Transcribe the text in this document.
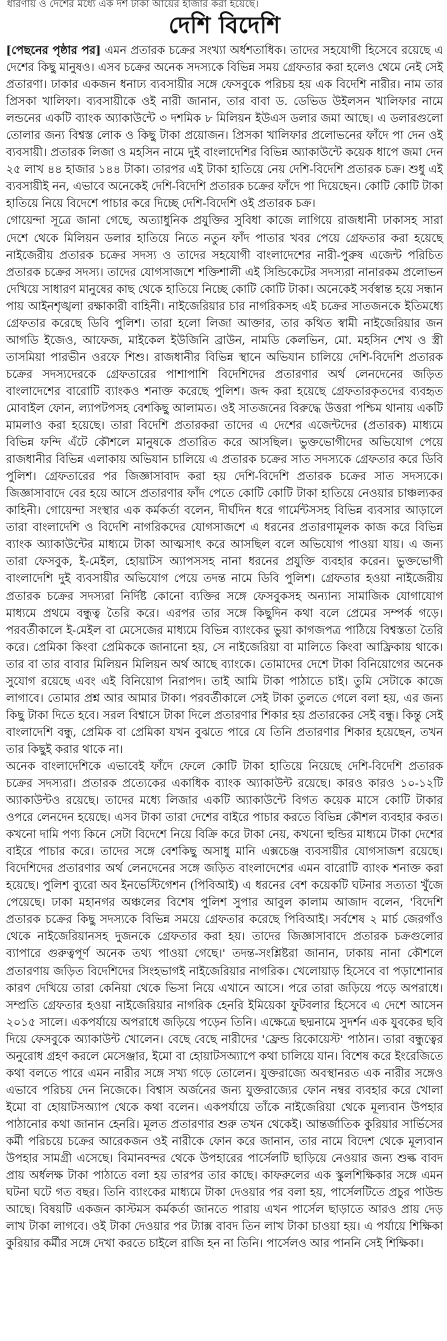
ধারণায় ও দেশের মধ্যে এক দর্শ টাকা আয়ের হাজার করা হয়েছে।
দেশি বিদেশি

[পেছনের পৃষ্ঠার পর] এমন প্রতারক চক্রের সংখ্যা অর্ধশতাধিক। তাদের সহযোগী হিসেবে রয়েছে এ দেশের কিছু মানুষও। এসব চক্রের অনেক সদস্যকে বিভিন্ন সময় গ্রেফতার করা হলেও থেমে নেই সেই প্রতারণা। ঢাকার একজন ধনাঢ্য ব্যবসায়ীর সঙ্গে ফেসবুকে পরিচয় হয় এক বিদেশি নারীর। নাম তার প্রিসকা খালিফা। ব্যবসায়ীকে ওই নারী জানান, তার বাবা ড. ডেভিড উইলসন খালিফার নামে লন্ডনের একটি ব্যাংক অ্যাকাউন্টে ৩ দশমিক ৮ মিলিয়ন ইউএস ডলার জমা আছে। এ ডলারগুলো তোলার জন্য বিশ্বস্ত লোক ও কিছু টাকা প্রয়োজন। প্রিসকা খালিফার প্রলোভনের ফাঁদে পা দেন ওই ব্যবসায়ী। প্রতারক লিজা ও মহসিন নামে দুই বাংলাদেশির বিভিন্ন অ্যাকাউন্টে কয়েক ধাপে জমা দেন ২৫ লাখ ৪৪ হাজার ১৪৪ টাকা। তারপর এই টাকা হাতিয়ে নেয় দেশি-বিদেশি প্রতারক চক্র। শুধু এই ব্যবসায়ীই নন, এভাবে অনেকেই দেশি-বিদেশি প্রতারক চক্রের ফাঁদে পা দিয়েছেন। কোটি কোটি টাকা হাতিয়ে নিয়ে বিদেশে পাচার করে দিচ্ছে দেশি-বিদেশি ওই প্রতারক চক্র।

গোয়েন্দা সূত্রে জানা গেছে, অত্যাধুনিক প্রযুক্তির সুবিধা কাজে লাগিয়ে রাজধানী ঢাকাসহ সারা দেশে থেকে মিলিয়ন ডলার হাতিয়ে নিতে নতুন ফাঁদ পাতার খবর পেয়ে গ্রেফতার করা হয়েছে নাইজেরীয় প্রতারক চক্রের সদস্য ও তাদের সহযোগী বাংলাদেশের নারী-পুরুষ এজেন্ট পরিচিত প্রতারক চক্রের সদস্য। তাদের যোগসাজশে শক্তিশালী এই সিন্ডিকেটের সদস্যরা নানারকম প্রলোভন দেখিয়ে সাধারণ মানুষের কাছ থেকে হাতিয়ে নিচ্ছে কোটি কোটি টাকা। অনেকেই সর্বস্বান্ত হয়ে সন্ধান পায় আইনশৃঙ্খলা রক্ষাকারী বাহিনী। নাইজেরিয়ার চার নাগরিকসহ এই চক্রের সাতজনকে ইতিমধ্যে গ্রেফতার করেছে ডিবি পুলিশ। তারা হলো লিজা আক্তার, তার কথিত স্বামী নাইজেরিয়ার জন আগডি ইজেও, আফেজ, মাইকেল ইউজিনি ব্রাউন, নামডি কেলভিন, মো. মহসিন শেখ ও স্ত্রী তাসমিয়া পারভীন ওরফে শিশু। রাজধানীর বিভিন্ন স্থানে অভিযান চালিয়ে দেশি-বিদেশি প্রতারক চক্রের সদস্যদেরকে গ্রেফতারের পাশাপাশি বিদেশিদের প্রতারণার অর্থ লেনদেনের জড়িত বাংলাদেশের বারোটি ব্যাংকও শনাক্ত করেছে পুলিশ। জব্দ করা হয়েছে গ্রেফতারকৃতদের ব্যবহৃত মোবাইল ফোন, ল্যাপটপসহ বেশকিছু আলামত। ওই সাতজনের বিরুদ্ধে উত্তরা পশ্চিম থানায় একটি মামলাও করা হয়েছে। তারা বিদেশি প্রতারকরা তাদের এ দেশের এজেন্টদের (প্রতারক) মাধ্যমে বিভিন্ন ফন্দি এঁটে কৌশলে মানুষকে প্রতারিত করে আসছিল। ভুক্তভোগীদের অভিযোগ পেয়ে রাজধানীর বিভিন্ন এলাকায় অভিযান চালিয়ে এ প্রতারক চক্রের সাত সদস্যকে গ্রেফতার করে ডিবি পুলিশ। গ্রেফতারের পর জিজ্ঞাসাবাদ করা হয় দেশি-বিদেশি প্রতারক চক্রের সাত সদস্যকে। জিজ্ঞাসাবাদে বের হয়ে আসে প্রতারণার ফাঁদ পেতে কোটি কোটি টাকা হাতিয়ে নেওয়ার চাঞ্চল্যকর কাহিনী। গোয়েন্দা সংস্থার এক কর্মকর্তা বলেন, দীর্ঘদিন ধরে গার্মেন্টসসহ বিভিন্ন ব্যবসার আড়ালে তারা বাংলাদেশি ও বিদেশি নাগরিকদের যোগসাজশে এ ধরনের প্রতারণামূলক কাজ করে বিভিন্ন ব্যাংক অ্যাকাউন্টের মাধ্যমে টাকা আত্মসাৎ করে আসছিল বলে অভিযোগ পাওয়া যায়। এ জন্য তারা ফেসবুক, ই-মেইল, হোয়াটস অ্যাপসসহ নানা ধরনের প্রযুক্তি ব্যবহার করেন। ভুক্তভোগী বাংলাদেশি দুই ব্যবসায়ীর অভিযোগ পেয়ে তদন্ত নামে ডিবি পুলিশ। গ্রেফতার হওয়া নাইজেরীয় প্রতারক চক্রের সদস্যরা নির্দিষ্ট কোনো ব্যক্তির সঙ্গে ফেসবুকসহ অন্যান্য সামাজিক যোগাযোগ মাধ্যমে প্রথমে বন্ধুত্ব তৈরি করে। এরপর তার সঙ্গে কিছুদিন কথা বলে প্রেমের সম্পর্ক গড়ে। পরবর্তীকালে ই-মেইল বা মেসেজের মাধ্যমে বিভিন্ন ব্যাংকের ভুয়া কাগজপত্র পাঠিয়ে বিশ্বস্ততা তৈরি করে। প্রেমিকা কিংবা প্রেমিককে জানানো হয়, সে নাইজেরিয়া বা মালিতে কিংবা আফ্রিকায় থাকে। তার বা তার বাবার মিলিয়ন মিলিয়ন অর্থ আছে ব্যাংকে। তোমাদের দেশে টাকা বিনিয়োগের অনেক সুযোগ রয়েছে এবং এই বিনিয়োগ নিরাপদ। তাই আমি টাকা পাঠাতে চাই। তুমি সেটাকে কাজে লাগাবে। তোমার প্রশ্ন আর আমার টাকা। পরবর্তীকালে সেই টাকা তুলতে গেলে বলা হয়, এর জন্য কিছু টাকা দিতে হবে। সরল বিশ্বাসে টাকা দিলে প্রতারণার শিকার হয় প্রতারকের সেই বন্ধু। কিন্তু সেই বাংলাদেশি বন্ধু, প্রেমিক বা প্রেমিকা যখন বুঝতে পারে যে তিনি প্রতারণার শিকার হয়েছেন, তখন তার কিছুই করার থাকে না।

অনেক বাংলাদেশিকে এভাবেই ফাঁদে ফেলে কোটি টাকা হাতিয়ে নিয়েছে দেশি-বিদেশি প্রতারক চক্রের সদস্যরা। প্রতারক প্রত্যেকের একাধিক ব্যাংক অ্যাকাউন্ট রয়েছে। কারও কারও ১০-১২টি অ্যাকাউন্টও রয়েছে। তাদের মধ্যে লিজার একটি অ্যাকাউন্টে বিগত কয়েক মাসে কোটি টাকার ওপরে লেনদেন হয়েছে। এসব টাকা তারা দেশের বাইরে পাচার করতে বিভিন্ন কৌশল ব্যবহার করত। কখনো দামি পণ্য কিনে সেটা বিদেশে নিয়ে বিক্রি করে টাকা নেয়, কখনো হুন্ডির মাধ্যমে টাকা দেশের বাইরে পাচার করে। তাদের সঙ্গে বেশকিছু অসাধু মানি এক্সচেঞ্জ ব্যবসায়ীর যোগসাজশ রয়েছে। বিদেশিদের প্রতারণার অর্থ লেনদেনের সঙ্গে জড়িত বাংলাদেশের এমন বারোটি ব্যাংক শনাক্ত করা হয়েছে। পুলিশ ব্যুরো অব ইনভেস্টিগেশন (পিবিআই) এ ধরনের বেশ কয়েকটি ঘটনার সত্যতা খুঁজে পেয়েছে। ঢাকা মহানগর অঞ্চলের বিশেষ পুলিশ সুপার আবুল কালাম আজাদ বলেন, 'বিদেশি প্রতারক চক্রের কিছু সদস্যকে বিভিন্ন সময়ে গ্রেফতার করেছে পিবিআই। সর্বশেষ ২ মার্চ জেরগাঁও থেকে নাইজেরিয়ানসহ দুজনকে গ্রেফতার করা হয়। তাদের জিজ্ঞাসাবাদে প্রতারক চক্রগুলোর ব্যাপারে গুরুত্বপূর্ণ অনেক তথ্য পাওয়া গেছে।' তদন্ত-সংশ্লিষ্টরা জানান, ঢাকায় নানা কৌশলে প্রতারণায় জড়িত বিদেশিদের সিংহভাগই নাইজেরিয়ার নাগরিক। খেলোয়াড় হিসেবে বা পড়াশোনার কারণ দেখিয়ে তারা কেনিয়া থেকে ভিসা নিয়ে এখানে আসে। পরে তারা জড়িয়ে পড়ে অপরাধে। সম্প্রতি গ্রেফতার হওয়া নাইজেরিয়ার নাগরিক হেনরি ইমিয়েকা ফুটবলার হিসেবে এ দেশে আসেন ২০১৫ সালে। একপর্যায়ে অপরাধে জড়িয়ে পড়েন তিনি। এক্ষেত্রে ছদ্মনামে সুদর্শন এক যুবকের ছবি দিয়ে ফেসবুকে অ্যাকাউন্ট খোলেন। বেছে বেছে নারীদের 'ফ্রেন্ড রিকোয়েস্ট' পাঠান। তারা বন্ধুত্বের অনুরোধ গ্রহণ করলে মেসেঞ্জার, ইমো বা হোয়াটসঅ্যাপে কথা চালিয়ে যান। বিশেষ করে ইংরেজিতে কথা বলতে পারে এমন নারীর সঙ্গে সখ্য গড়ে তোলেন। যুক্তরাজ্যে অবস্থানরত এক নারীর সঙ্গেও এভাবে পরিচয় দেন নিজেকে। বিশ্বাস অর্জনের জন্য যুক্তরাজ্যের ফোন নম্বর ব্যবহার করে খোলা ইমো বা হোয়াটসঅ্যাপ থেকে কথা বলেন। একপর্যায়ে তাঁকে নাইজেরিয়া থেকে মূল্যবান উপহার পাঠানোর কথা জানান হেনরি। মূলত প্রতারণার শুরু তখন থেকেই। আন্তর্জাতিক কুরিয়ার সার্ভিসের কর্মী পরিচয়ে চক্রের আরেকজন ওই নারীকে ফোন করে জানান, তার নামে বিদেশ থেকে মূল্যবান উপহার সামগ্রী এসেছে। বিমানবন্দর থেকে উপহারের পার্সেলটি ছাড়িয়ে নেওয়ার জন্য শুল্ক বাবদ প্রায় অর্ধলক্ষ টাকা পাঠাতে বলা হয় তারপর তার কাছে। কাফরুলের এক স্কুলশিক্ষিকার সঙ্গে এমন ঘটনা ঘটে গত বছর। তিনি ব্যাংকের মাধ্যমে টাকা দেওয়ার পর বলা হয়, পার্সেলটিতে প্রচুর পাউন্ড আছে। বিষয়টি একজন কাস্টমস কর্মকর্তা জানতে পারায় এখন পার্সেল ছাড়াতে আরও প্রায় দেড় লাখ টাকা লাগবে। ওই টাকা দেওয়ার পর ট্যাক্স বাবদ তিন লাখ টাকা চাওয়া হয়। এ পর্যায়ে শিক্ষিকা কুরিয়ার কর্মীর সঙ্গে দেখা করতে চাইলে রাজি হন না তিনি। পার্সেলও আর পাননি সেই শিক্ষিকা।
